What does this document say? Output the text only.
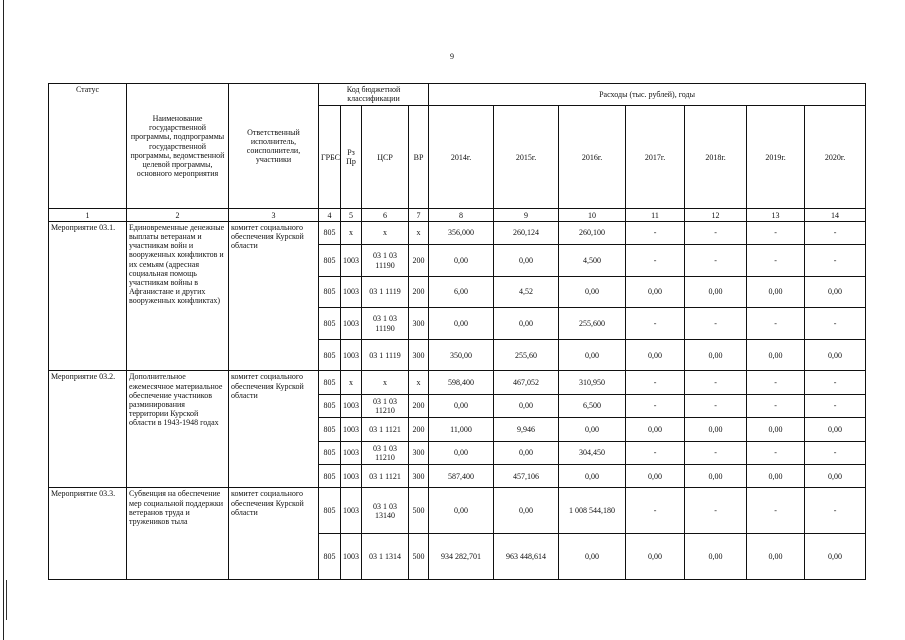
9
Статус	Наименование государственной программы, подпрограммы государственной программы, ведомственной целевой программы, основного мероприятия	Ответственный исполнитель, соисполнители, участники	Код бюджетной классификации				Расходы (тыс. рублей), годы						
			ГРБС	Рз Пр	ЦСР	ВР	2014г.	2015г.	2016г.	2017г.	2018г.	2019г.	2020г.
1	2	3	4	5	6	7	8	9	10	11	12	13	14
Мероприятие 03.1.	Единовременные денежные выплаты ветеранам и участникам войн и вооруженных конфликтов и их семьям (адресная социальная помощь участникам войны в Афганистане и других вооруженных конфликтах)	комитет социального обеспечения Курской области	805	х	х	х	356,000	260,124	260,100	-	-	-	-
			805	1003	03 1 03 11190	200	0,00	0,00	4,500	-	-	-	-
			805	1003	03 1 1119	200	6,00	4,52	0,00	0,00	0,00	0,00	0,00
			805	1003	03 1 03 11190	300	0,00	0,00	255,600	-	-	-	-
			805	1003	03 1 1119	300	350,00	255,60	0,00	0,00	0,00	0,00	0,00
Мероприятие 03.2.	Дополнительное ежемесячное материальное обеспечение участников разминирования территории Курской области в 1943-1948 годах	комитет социального обеспечения Курской области	805	х	х	х	598,400	467,052	310,950	-	-	-	-
			805	1003	03 1 03 11210	200	0,00	0,00	6,500	-	-	-	-
			805	1003	03 1 1121	200	11,000	9,946	0,00	0,00	0,00	0,00	0,00
			805	1003	03 1 03 11210	300	0,00	0,00	304,450	-	-	-	-
			805	1003	03 1 1121	300	587,400	457,106	0,00	0,00	0,00	0,00	0,00
Мероприятие 03.3.	Субвенция на обеспечение мер социальной поддержки ветеранов труда и тружеников тыла	комитет социального обеспечения Курской области	805	1003	03 1 03 13140	500	0,00	0,00	1 008 544,180	-	-	-	-
			805	1003	03 1 1314	500	934 282,701	963 448,614	0,00	0,00	0,00	0,00	0,00
